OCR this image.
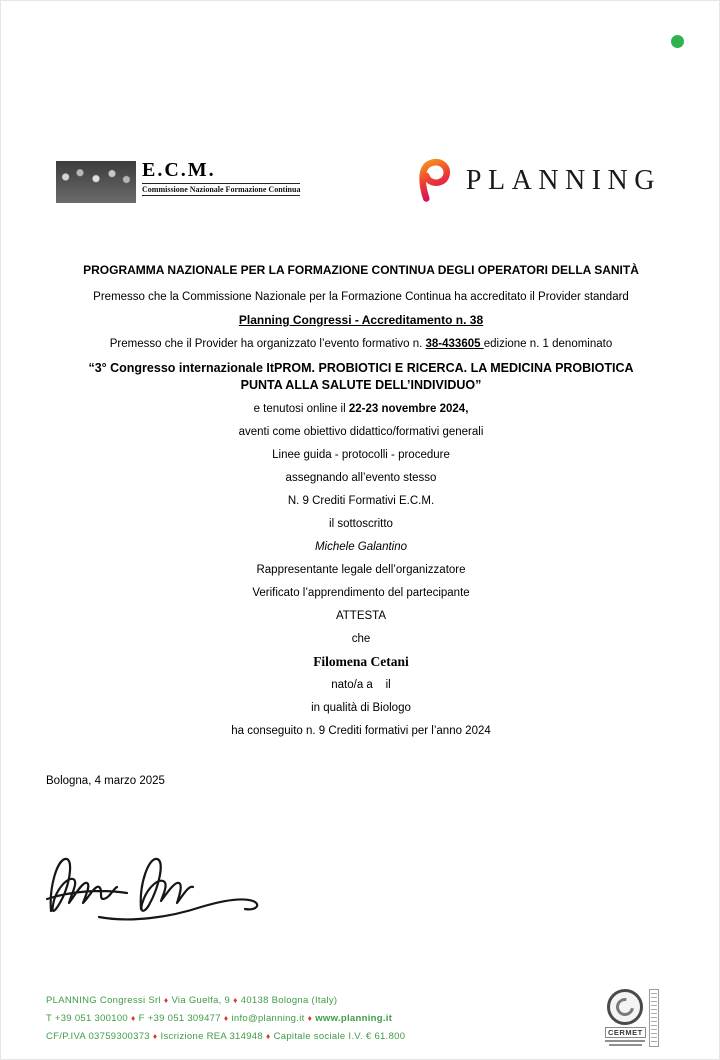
E.C.M.
Commissione Nazionale Formazione Continua	PLANNING

PROGRAMMA NAZIONALE PER LA FORMAZIONE CONTINUA DEGLI OPERATORI DELLA SANITÀ

Premesso che la Commissione Nazionale per la Formazione Continua ha accreditato il Provider standard

Planning Congressi - Accreditamento n. 38

Premesso che il Provider ha organizzato l’evento formativo n. 38-433605 edizione n. 1 denominato

“3° Congresso internazionale ItPROM. PROBIOTICI E RICERCA. LA MEDICINA PROBIOTICA PUNTA ALLA SALUTE DELL’INDIVIDUO”

e tenutosi online il 22-23 novembre 2024,

aventi come obiettivo didattico/formativi generali

Linee guida - protocolli - procedure

assegnando all’evento stesso

N. 9 Crediti Formativi E.C.M.

il sottoscritto

Michele Galantino

Rappresentante legale dell’organizzatore

Verificato l’apprendimento del partecipante

ATTESTA

che

Filomena Cetani

nato/a a    il

in qualità di Biologo

ha conseguito n. 9 Crediti formativi per l’anno 2024

Bologna, 4 marzo 2025

PLANNING Congressi Srl ♦ Via Guelfa, 9 ♦ 40138 Bologna (Italy)

T +39 051 300100 ♦ F +39 051 309477 ♦ info@planning.it ♦ www.planning.it

CF/P.IVA 03759300373 ♦ Iscrizione REA 314948 ♦ Capitale sociale I.V. € 61.800	CERMET
